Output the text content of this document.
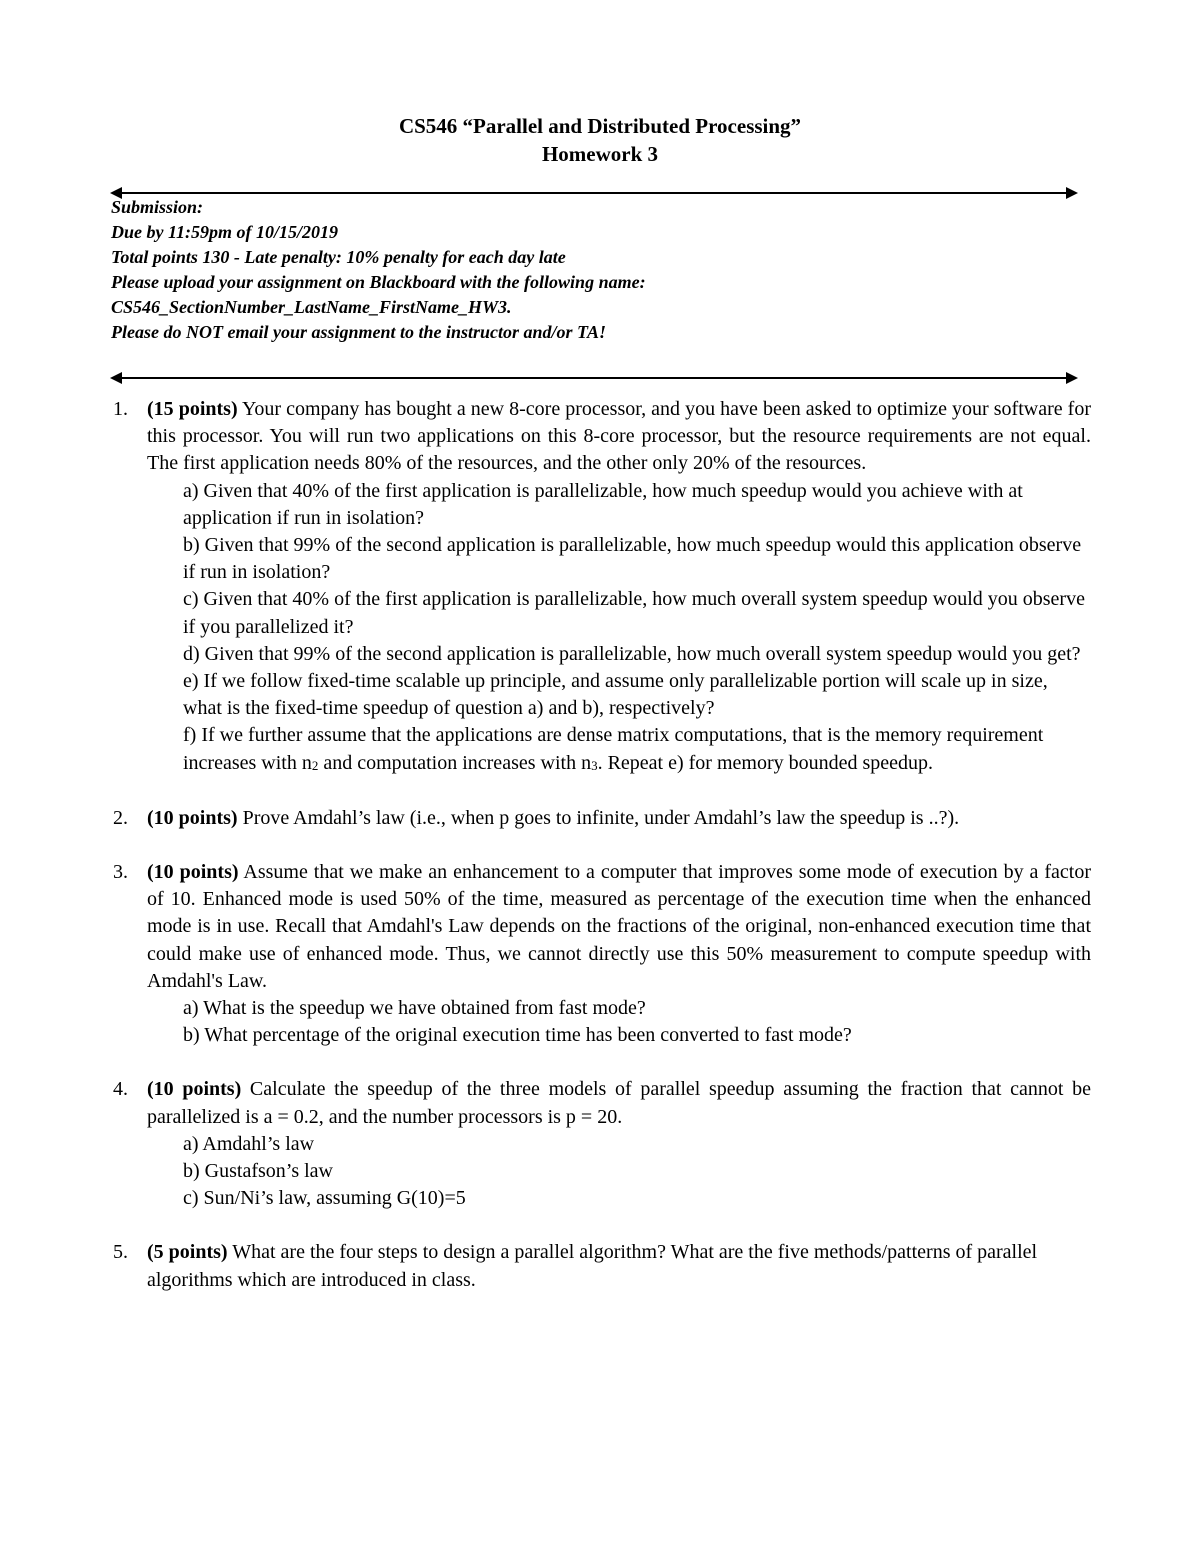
CS546 “Parallel and Distributed Processing”
Homework 3
Submission:
Due by 11:59pm of 10/15/2019
Total points 130 - Late penalty: 10% penalty for each day late
Please upload your assignment on Blackboard with the following name:
CS546_SectionNumber_LastName_FirstName_HW3.
Please do NOT email your assignment to the instructor and/or TA!
1. (15 points) Your company has bought a new 8-core processor, and you have been asked to optimize your software for this processor. You will run two applications on this 8-core processor, but the resource requirements are not equal. The first application needs 80% of the resources, and the other only 20% of the resources.
a) Given that 40% of the first application is parallelizable, how much speedup would you achieve with at application if run in isolation?
b) Given that 99% of the second application is parallelizable, how much speedup would this application observe if run in isolation?
c) Given that 40% of the first application is parallelizable, how much overall system speedup would you observe if you parallelized it?
d) Given that 99% of the second application is parallelizable, how much overall system speedup would you get?
e) If we follow fixed-time scalable up principle, and assume only parallelizable portion will scale up in size, what is the fixed-time speedup of question a) and b), respectively?
f) If we further assume that the applications are dense matrix computations, that is the memory requirement increases with $n_2$ and computation increases with $n_3$. Repeat e) for memory bounded speedup.
2. (10 points) Prove Amdahl’s law (i.e., when p goes to infinite, under Amdahl’s law the speedup is ..?).
3. (10 points) Assume that we make an enhancement to a computer that improves some mode of execution by a factor of 10. Enhanced mode is used 50% of the time, measured as percentage of the execution time when the enhanced mode is in use. Recall that Amdahl's Law depends on the fractions of the original, non-enhanced execution time that could make use of enhanced mode. Thus, we cannot directly use this 50% measurement to compute speedup with Amdahl's Law.
a) What is the speedup we have obtained from fast mode?
b) What percentage of the original execution time has been converted to fast mode?
4. (10 points) Calculate the speedup of the three models of parallel speedup assuming the fraction that cannot be parallelized is a = 0.2, and the number processors is p = 20.
a) Amdahl’s law
b) Gustafson’s law
c) Sun/Ni’s law, assuming G(10)=5
5. (5 points) What are the four steps to design a parallel algorithm? What are the five methods/patterns of parallel algorithms which are introduced in class.
